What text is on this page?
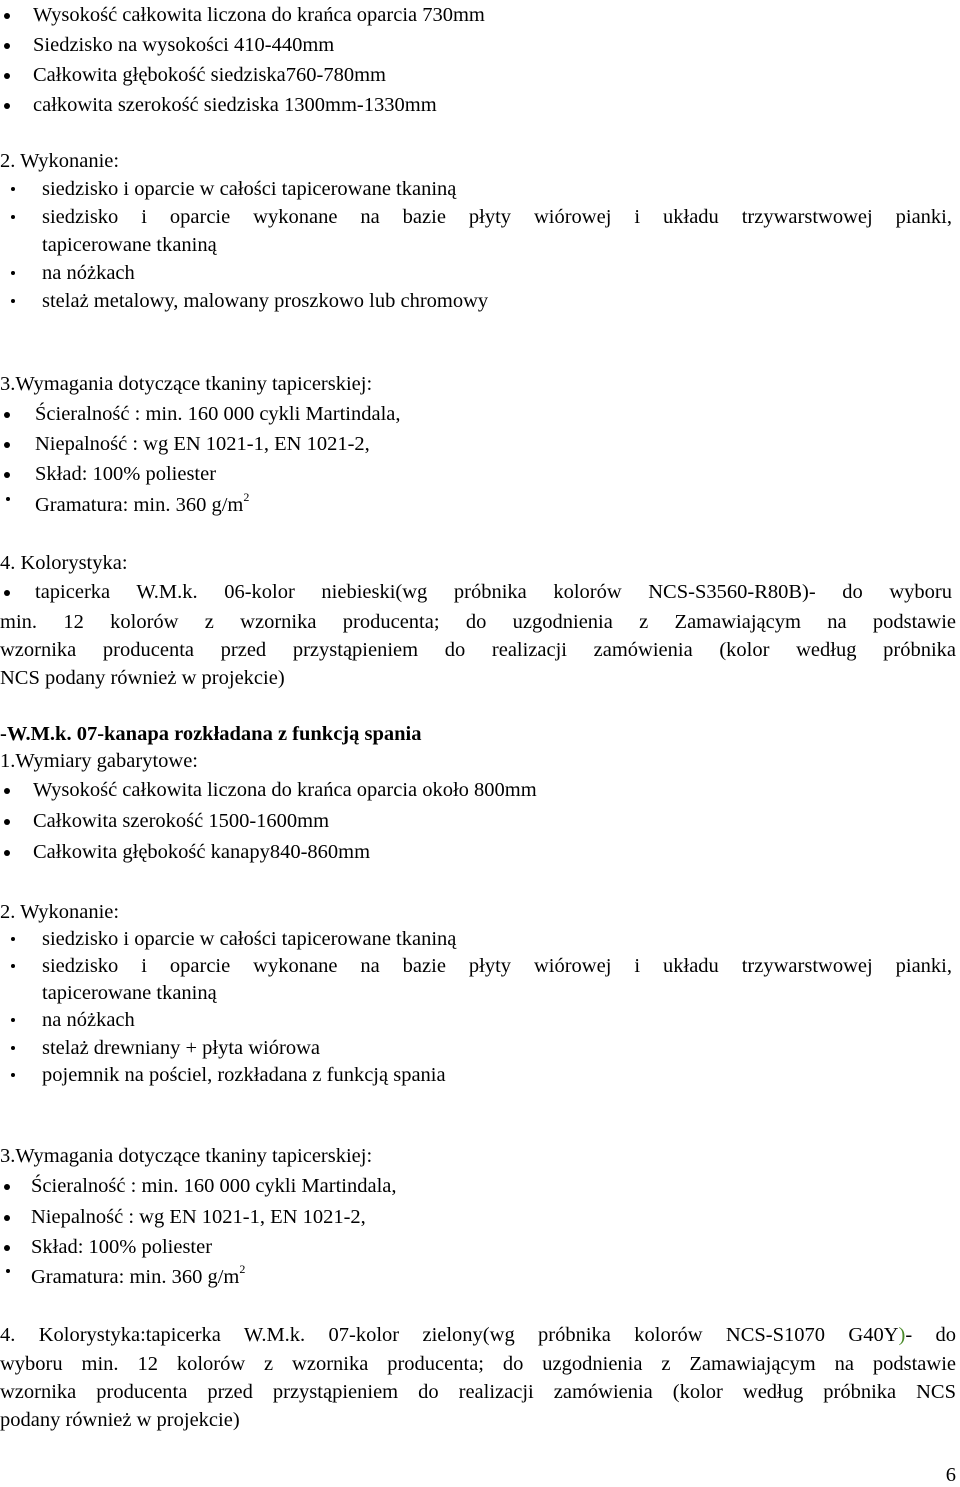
Wysokość całkowita liczona do krańca oparcia 730mm
Siedzisko na wysokości 410-440mm
Całkowita głębokość siedziska760-780mm
całkowita szerokość siedziska 1300mm-1330mm
2. Wykonanie:
siedzisko i oparcie w całości tapicerowane tkaniną
siedzisko i oparcie wykonane na bazie płyty wiórowej i układu trzywarstwowej pianki,
tapicerowane tkaniną
na nóżkach
stelaż metalowy, malowany proszkowo lub chromowy
3.Wymagania dotyczące tkaniny tapicerskiej:
Ścieralność : min. 160 000 cykli Martindala,
Niepalność : wg EN 1021-1, EN 1021-2,
Skład: 100% poliester
Gramatura: min. 360 $g/m^2$
4. Kolorystyka:
tapicerka W.M.k. 06-kolor niebieski(wg próbnika kolorów NCS-S3560-R80B)- do wyboru
min. 12 kolorów z wzornika producenta; do uzgodnienia z Zamawiającym na podstawie
wzornika producenta przed przystąpieniem do realizacji zamówienia (kolor według próbnika
NCS podany również w projekcie)
-W.M.k. 07-kanapa rozkładana z funkcją spania
1.Wymiary gabarytowe:
Wysokość całkowita liczona do krańca oparcia około 800mm
Całkowita szerokość 1500-1600mm
Całkowita głębokość kanapy840-860mm
2. Wykonanie:
siedzisko i oparcie w całości tapicerowane tkaniną
siedzisko i oparcie wykonane na bazie płyty wiórowej i układu trzywarstwowej pianki,
tapicerowane tkaniną
na nóżkach
stelaż drewniany + płyta wiórowa
pojemnik na pościel, rozkładana z funkcją spania
3.Wymagania dotyczące tkaniny tapicerskiej:
Ścieralność : min. 160 000 cykli Martindala,
Niepalność : wg EN 1021-1, EN 1021-2,
Skład: 100% poliester
Gramatura: min. 360 $g/m^2$
4. Kolorystyka:tapicerka W.M.k. 07-kolor zielony(wg próbnika kolorów NCS-S1070 G40Y)- do
wyboru min. 12 kolorów z wzornika producenta; do uzgodnienia z Zamawiającym na podstawie
wzornika producenta przed przystąpieniem do realizacji zamówienia (kolor według próbnika NCS
podany również w projekcie)
6
